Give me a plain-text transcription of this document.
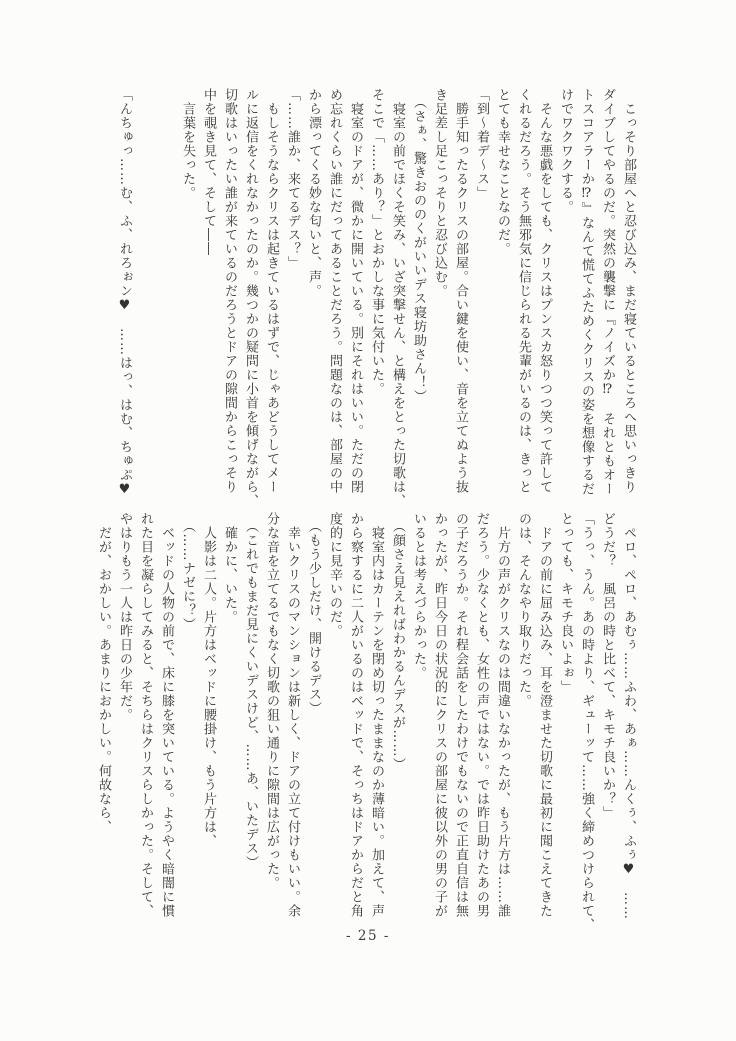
　こっそり部屋へと忍び込み、まだ寝ているところへ思いっきり

ダイブしてやるのだ。突然の襲撃に『ノイズか⁉　それともオー

トスコアラーか⁉』なんて慌てふためくクリスの姿を想像するだ

けでワクワクする。

　そんな悪戯をしても、クリスはプンスカ怒りつつ笑って許して

くれるだろう。そう無邪気に信じられる先輩がいるのは、きっと

とても幸せなことなのだ。

「到〜着デ〜ス」

　勝手知ったるクリスの部屋。合い鍵を使い、音を立てぬよう抜

き足差し足こっそりと忍び込む。

　（さぁ、驚きおののくがいいデス寝坊助さん！）

　寝室の前でほくそ笑み、いざ突撃せん、と構えをとった切歌は、

そこで「……あり？」とおかしな事に気付いた。

　寝室のドアが、微かに開いている。別にそれはいい。ただの閉

め忘れくらい誰にだってあることだろう。問題なのは、部屋の中

から漂ってくる妙な匂いと、声。

「……誰か、来てるデス？」

　もしそうならクリスは起きているはずで、じゃあどうしてメー

ルに返信をくれなかったのか。幾つかの疑問に小首を傾げながら、

切歌はいったい誰が来ているのだろうとドアの隙間からこっそり

中を覗き見て、そして――

　言葉を失った。

「んちゅっ……む、ふ、れろぉン♥　……はっ、はむ、ちゅぷ♥

　ペロ、ペロ、あむぅ……ふわ、あぁ……んくぅ、ふぅ♥　……

どうだ？　風呂の時と比べて、キモチ良いか？」

「うっ、うん。あの時より、ギューッて……強く締めつけられて、

とっても、キモチ良いよぉ」

　ドアの前に屈み込み、耳を澄ませた切歌に最初に聞こえてきた

のは、そんなやり取りだった。

　片方の声がクリスなのは間違いなかったが、もう片方は……誰

だろう。少なくとも、女性の声ではない。では昨日助けたあの男

の子だろうか。それ程会話をしたわけでもないので正直自信は無

かったが、昨日今日の状況的にクリスの部屋に彼以外の男の子が

いるとは考えづらかった。

　（顔さえ見えればわかるんデスが……）

　寝室内はカーテンを閉め切ったままなのか薄暗い。加えて、声

から察するに二人がいるのはベッドで、そっちはドアからだと角

度的に見辛いのだ。

　（もう少しだけ、開けるデス）

　幸いクリスのマンションは新しく、ドアの立て付けもいい。余

分な音を立てるでもなく切歌の狙い通りに隙間は広がった。

　（これでもまだ見にくいデスけど、……あ、いたデス）

　確かに、いた。

　人影は二人。片方はベッドに腰掛け、もう片方は、

　（……ナゼに？）

　ベッドの人物の前で、床に膝を突いている。ようやく暗闇に慣

れた目を凝らしてみると、そちらはクリスらしかった。そして、

やはりもう一人は昨日の少年だ。

　だが、おかしい。あまりにおかしい。何故なら、

- 25 -
